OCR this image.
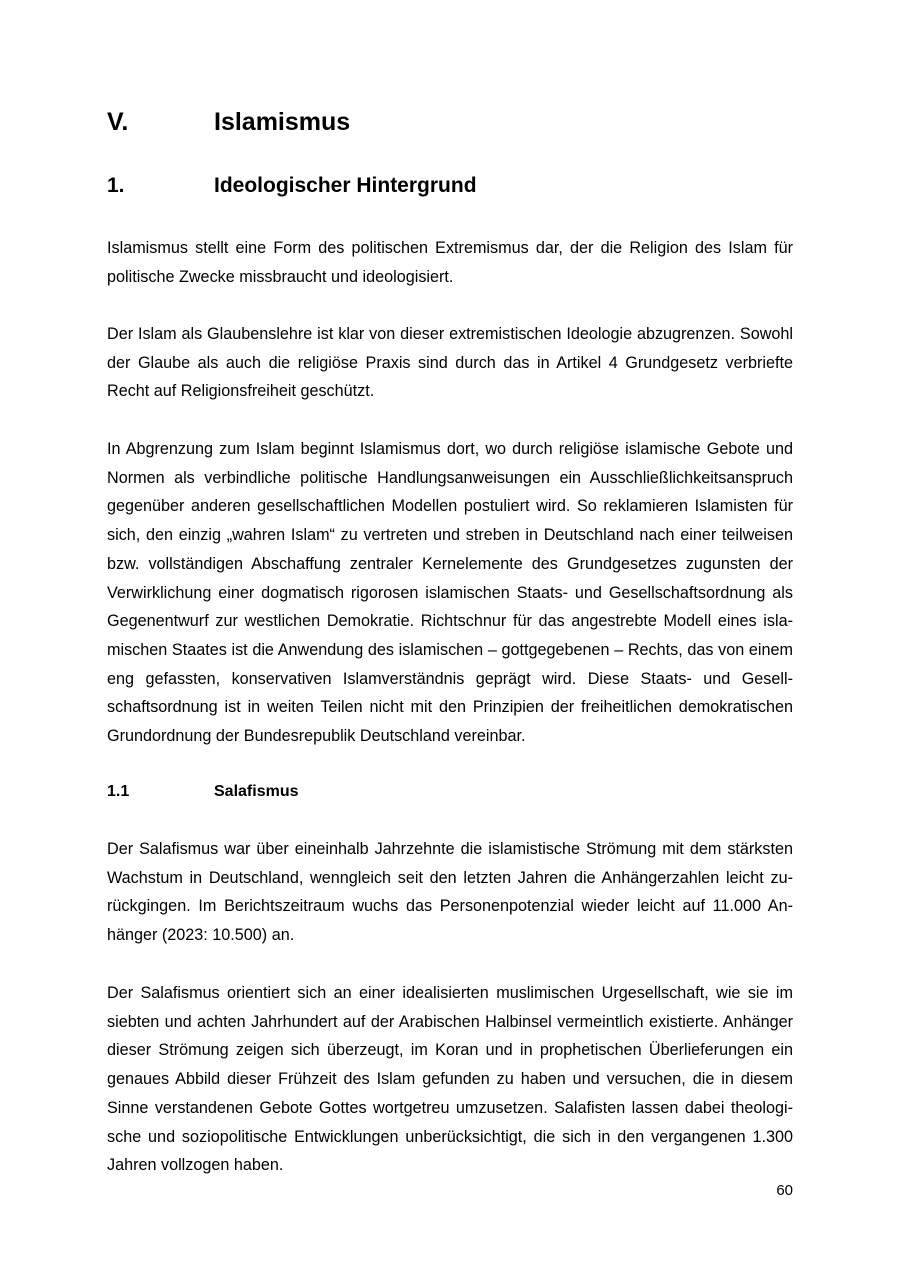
V.	Islamismus
1.	Ideologischer Hintergrund

Islamismus stellt eine Form des politischen Extremismus dar, der die Religion des Islam für politische Zwecke missbraucht und ideologisiert.

Der Islam als Glaubenslehre ist klar von dieser extremistischen Ideologie abzugrenzen. Sowohl der Glaube als auch die religiöse Praxis sind durch das in Artikel 4 Grundgesetz verbriefte Recht auf Religionsfreiheit geschützt.

In Abgrenzung zum Islam beginnt Islamismus dort, wo durch religiöse islamische Gebote und Normen als verbindliche politische Handlungsanweisungen ein Ausschließlichkeitsanspruch gegenüber anderen gesellschaftlichen Modellen postuliert wird. So reklamieren Islamisten für sich, den einzig „wahren Islam“ zu vertreten und streben in Deutschland nach einer teilweisen bzw. vollständigen Abschaffung zentraler Kernelemente des Grundgesetzes zugunsten der Verwirklichung einer dogmatisch rigorosen islamischen Staats- und Gesellschaftsordnung als Gegenentwurf zur westlichen Demokratie. Richtschnur für das angestrebte Modell eines islamischen Staates ist die Anwendung des islamischen – gottgegebenen – Rechts, das von einem eng gefassten, konservativen Islamverständnis geprägt wird. Diese Staats- und Gesellschaftsordnung ist in weiten Teilen nicht mit den Prinzipien der freiheitlichen demokratischen Grundordnung der Bundesrepublik Deutschland vereinbar.

1.1	Salafismus

Der Salafismus war über eineinhalb Jahrzehnte die islamistische Strömung mit dem stärksten Wachstum in Deutschland, wenngleich seit den letzten Jahren die Anhängerzahlen leicht zurückgingen. Im Berichtszeitraum wuchs das Personenpotenzial wieder leicht auf 11.000 Anhänger (2023: 10.500) an.

Der Salafismus orientiert sich an einer idealisierten muslimischen Urgesellschaft, wie sie im siebten und achten Jahrhundert auf der Arabischen Halbinsel vermeintlich existierte. Anhänger dieser Strömung zeigen sich überzeugt, im Koran und in prophetischen Überlieferungen ein genaues Abbild dieser Frühzeit des Islam gefunden zu haben und versuchen, die in diesem Sinne verstandenen Gebote Gottes wortgetreu umzusetzen. Salafisten lassen dabei theologische und soziopolitische Entwicklungen unberücksichtigt, die sich in den vergangenen 1.300 Jahren vollzogen haben.

60
